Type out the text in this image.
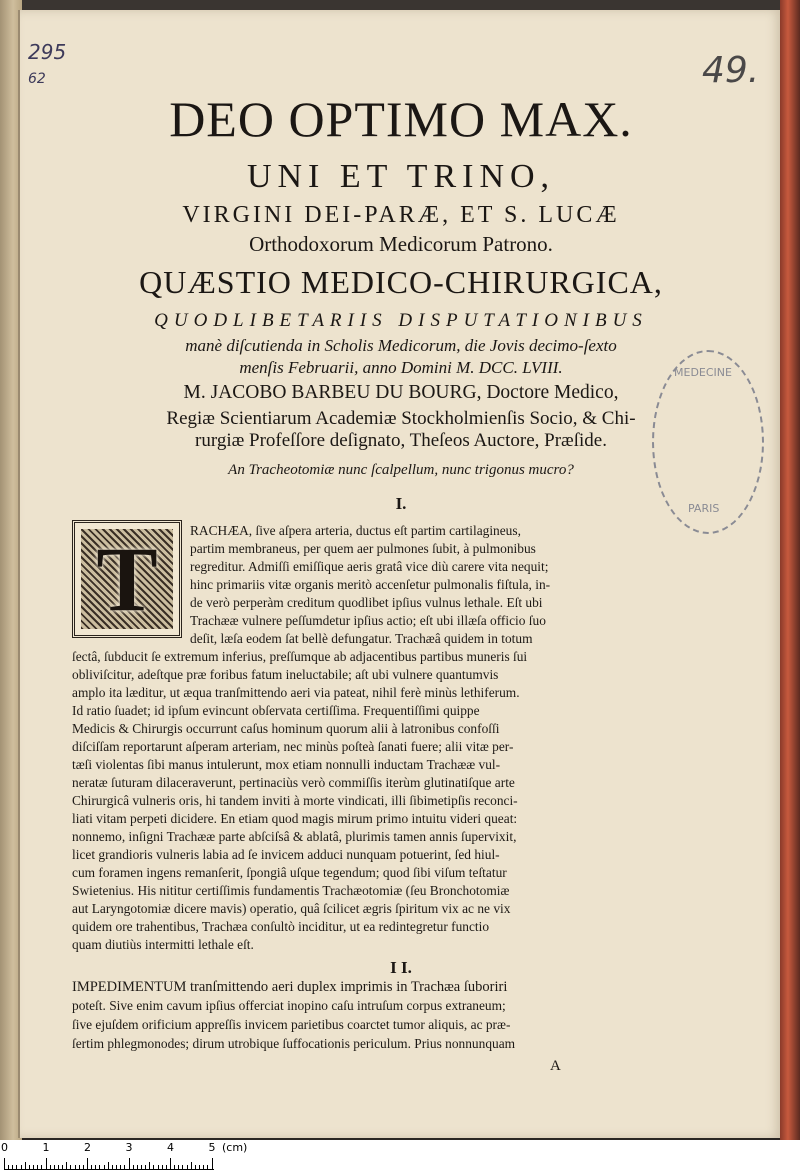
295
62	49.
DEO OPTIMO MAX.
UNI ET TRINO,
VIRGINI DEI-PARÆ, ET S. LUCÆ
Orthodoxorum Medicorum Patrono.
QUÆSTIO MEDICO-CHIRURGICA,
QUODLIBETARIIS DISPUTATIONIBUS
manè diſcutienda in Scholis Medicorum, die Jovis decimo-ſexto
menſis Februarii, anno Domini M. DCC. LVIII.
M. JACOBO BARBEU DU BOURG, Doctore Medico,
Regiæ Scientiarum Academiæ Stockholmienſis Socio, & Chi-
rurgiæ Profeſſore deſignato, Theſeos Auctore, Præſide.
An Tracheotomiæ nunc ſcalpellum, nunc trigonus mucro?
I.
T	RACHÆA, ſive aſpera arteria, ductus eſt partim cartilagineus,
partim membraneus, per quem aer pulmones ſubit, à pulmonibus
regreditur. Admiſſi emiſſique aeris gratâ vice diù carere vita nequit;
hinc primariis vitæ organis meritò accenſetur pulmonalis fiſtula, in-
de verò perperàm creditum quodlibet ipſius vulnus lethale. Eſt ubi
Trachææ vulnere peſſumdetur ipſius actio; eſt ubi illæſa officio ſuo
deſit, læſa eodem ſat bellè defungatur. Trachæâ quidem in totum
ſectâ, ſubducit ſe extremum inferius, preſſumque ab adjacentibus partibus muneris ſui
obliviſcitur, adeſtque præ foribus fatum ineluctabile; aſt ubi vulnere quantumvis
amplo ita læditur, ut æqua tranſmittendo aeri via pateat, nihil ferè minùs lethiferum.
Id ratio ſuadet; id ipſum evincunt obſervata certiſſima. Frequentiſſimi quippe
Medicis & Chirurgis occurrunt caſus hominum quorum alii à latronibus confoſſi
diſciſſam reportarunt aſperam arteriam, nec minùs poſteà ſanati fuere; alii vitæ per-
tæſi violentas ſibi manus intulerunt, mox etiam nonnulli inductam Trachææ vul-
neratæ ſuturam dilaceraverunt, pertinaciùs verò commiſſis iterùm glutinatiſque arte
Chirurgicâ vulneris oris, hi tandem inviti à morte vindicati, illi ſibimetipſis reconci-
liati vitam perpeti dicidere. En etiam quod magis mirum primo intuitu videri queat:
nonnemo, inſigni Trachææ parte abſciſsâ & ablatâ, plurimis tamen annis ſupervixit,
licet grandioris vulneris labia ad ſe invicem adduci nunquam potuerint, ſed hiul-
cum foramen ingens remanſerit, ſpongiâ uſque tegendum; quod ſibi viſum teſtatur
Swietenius. His nititur certiſſimis fundamentis Trachæotomiæ (ſeu Bronchotomiæ
aut Laryngotomiæ dicere mavis) operatio, quâ ſcilicet ægris ſpiritum vix ac ne vix
quidem ore trahentibus, Trachæa conſultò inciditur, ut ea redintegretur functio
quam diutiùs intermitti lethale eſt.
I I.
IMPEDIMENTUM tranſmittendo aeri duplex imprimis in Trachæa ſuboriri
poteſt. Sive enim cavum ipſius offerciat inopino caſu intruſum corpus extraneum;
ſive ejuſdem orificium appreſſis invicem parietibus coarctet tumor aliquis, ac præ-
ſertim phlegmonodes; dirum utrobique ſuffocationis periculum. Prius nonnunquam
A
MEDECINE
PARIS
0	1	2	3	4	5 (cm)
